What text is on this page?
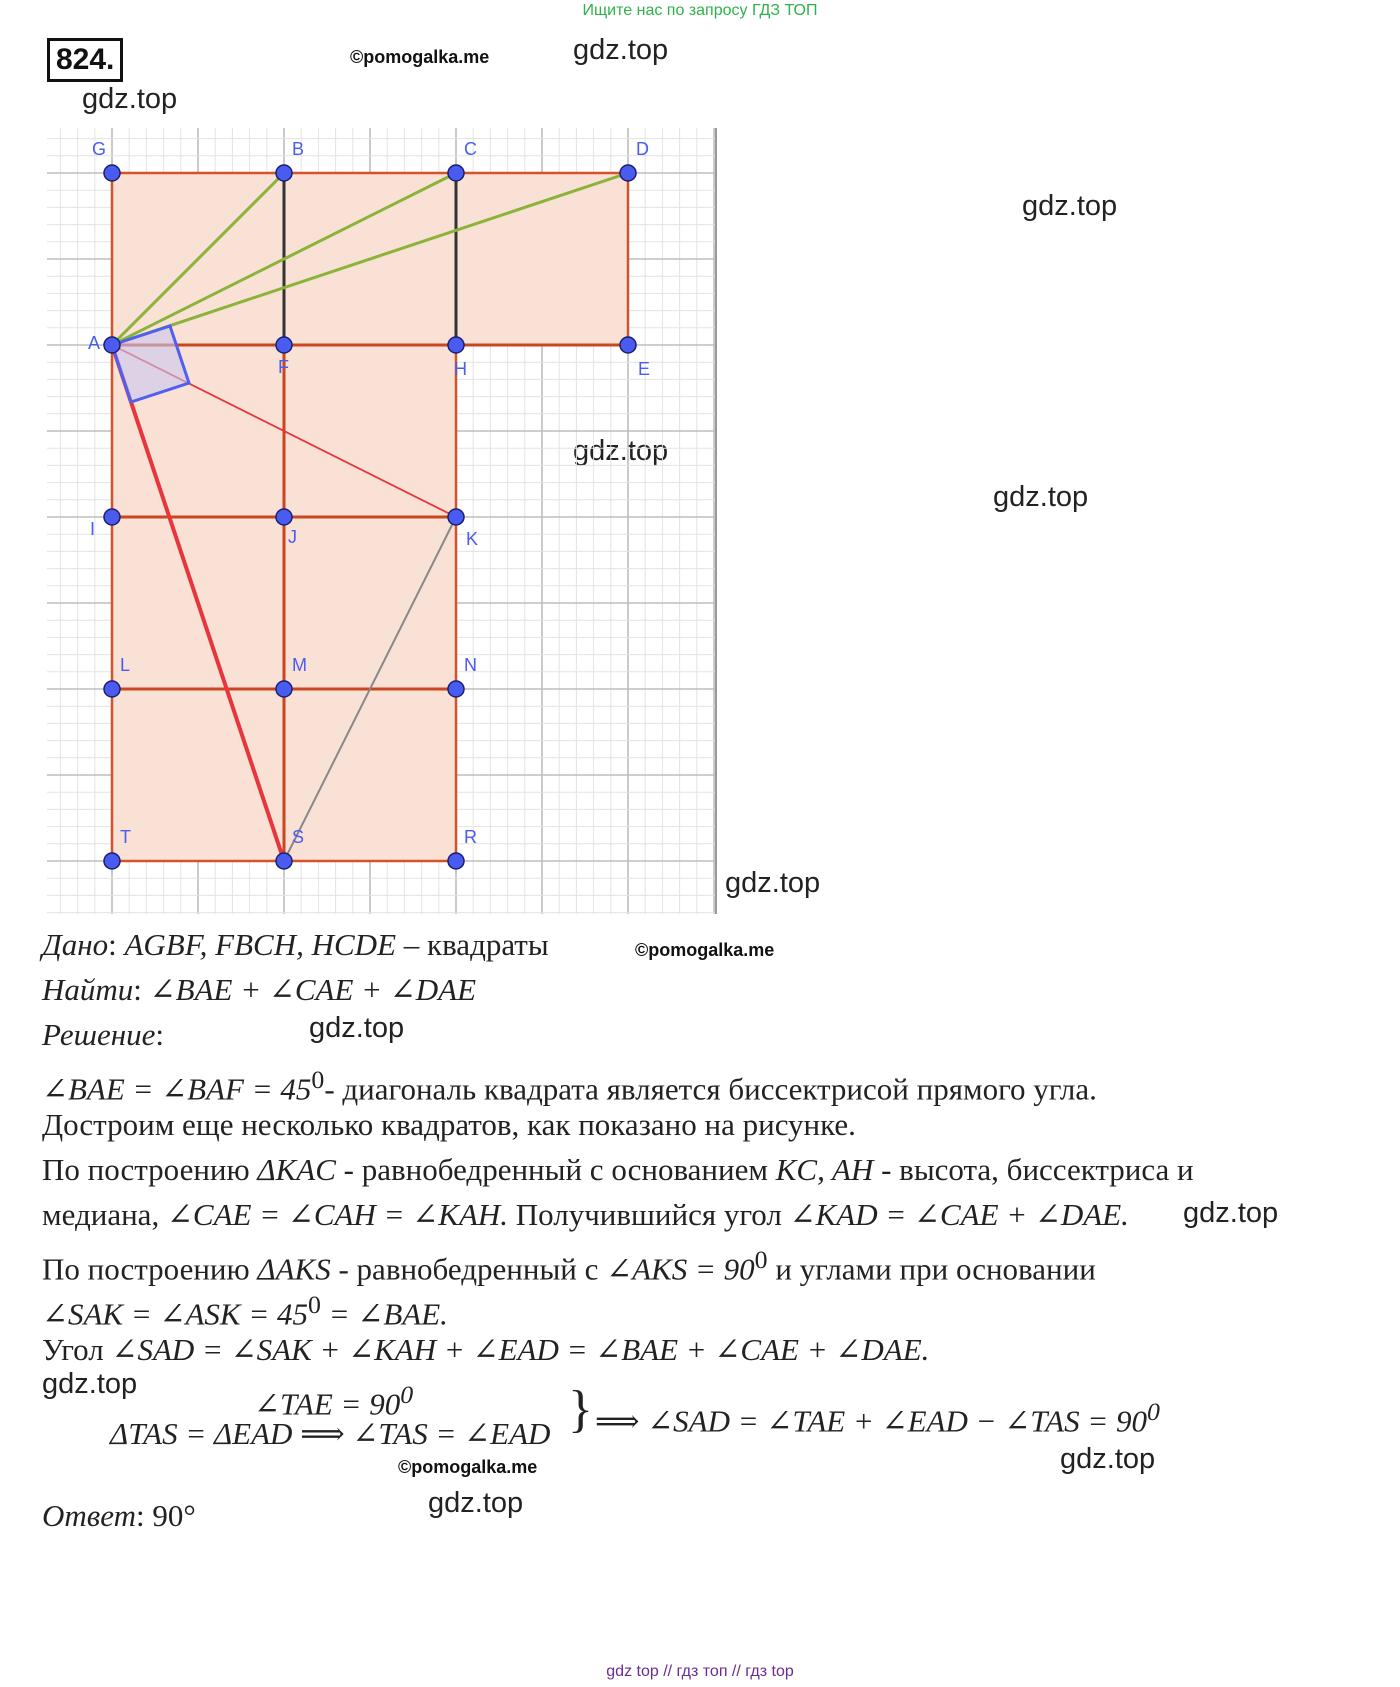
Ищите нас по запросу ГДЗ ТОП
824.	©pomogalka.me	gdz.top
gdz.top
gdz.top
gdz.top
gdz.top
gdz.top
©pomogalka.me
gdz.top
gdz.top
gdz.top
©pomogalka.me	gdz.top
gdz.top
G	B	C	D
A
F	H	E
I	J	K
L	M	N
T	S	R
Дано: AGBF, FBCH, HCDE – квадраты
Найти: ∠BAE + ∠CAE + ∠DAE
Решение:
∠BAE = ∠BAF = $45^0-$ диагональ квадрата является биссектрисой прямого угла.
Достроим еще несколько квадратов, как показано на рисунке.
По построению ΔKAC - равнобедренный с основанием KC, AH - высота, биссектриса и
медиана, ∠CAE = ∠CAH = ∠KAH. Получившийся угол ∠KAD = ∠CAE + ∠DAE.
По построению ΔAKS - равнобедренный с ∠AKS = $90^0$ и углами при основании
∠SAK = ∠ASK = $45^0$ = ∠BAE.
Угол ∠SAD = ∠SAK + ∠KAH + ∠EAD = ∠BAE + ∠CAE + ∠DAE.
∠TAE = $90^0$
ΔTAS = ΔEAD ⟹ ∠TAS = ∠EAD } ⟹ ∠SAD = ∠TAE + ∠EAD − ∠TAS = $90^0$
Ответ: 90°
gdz top // гдз топ // гдз top
